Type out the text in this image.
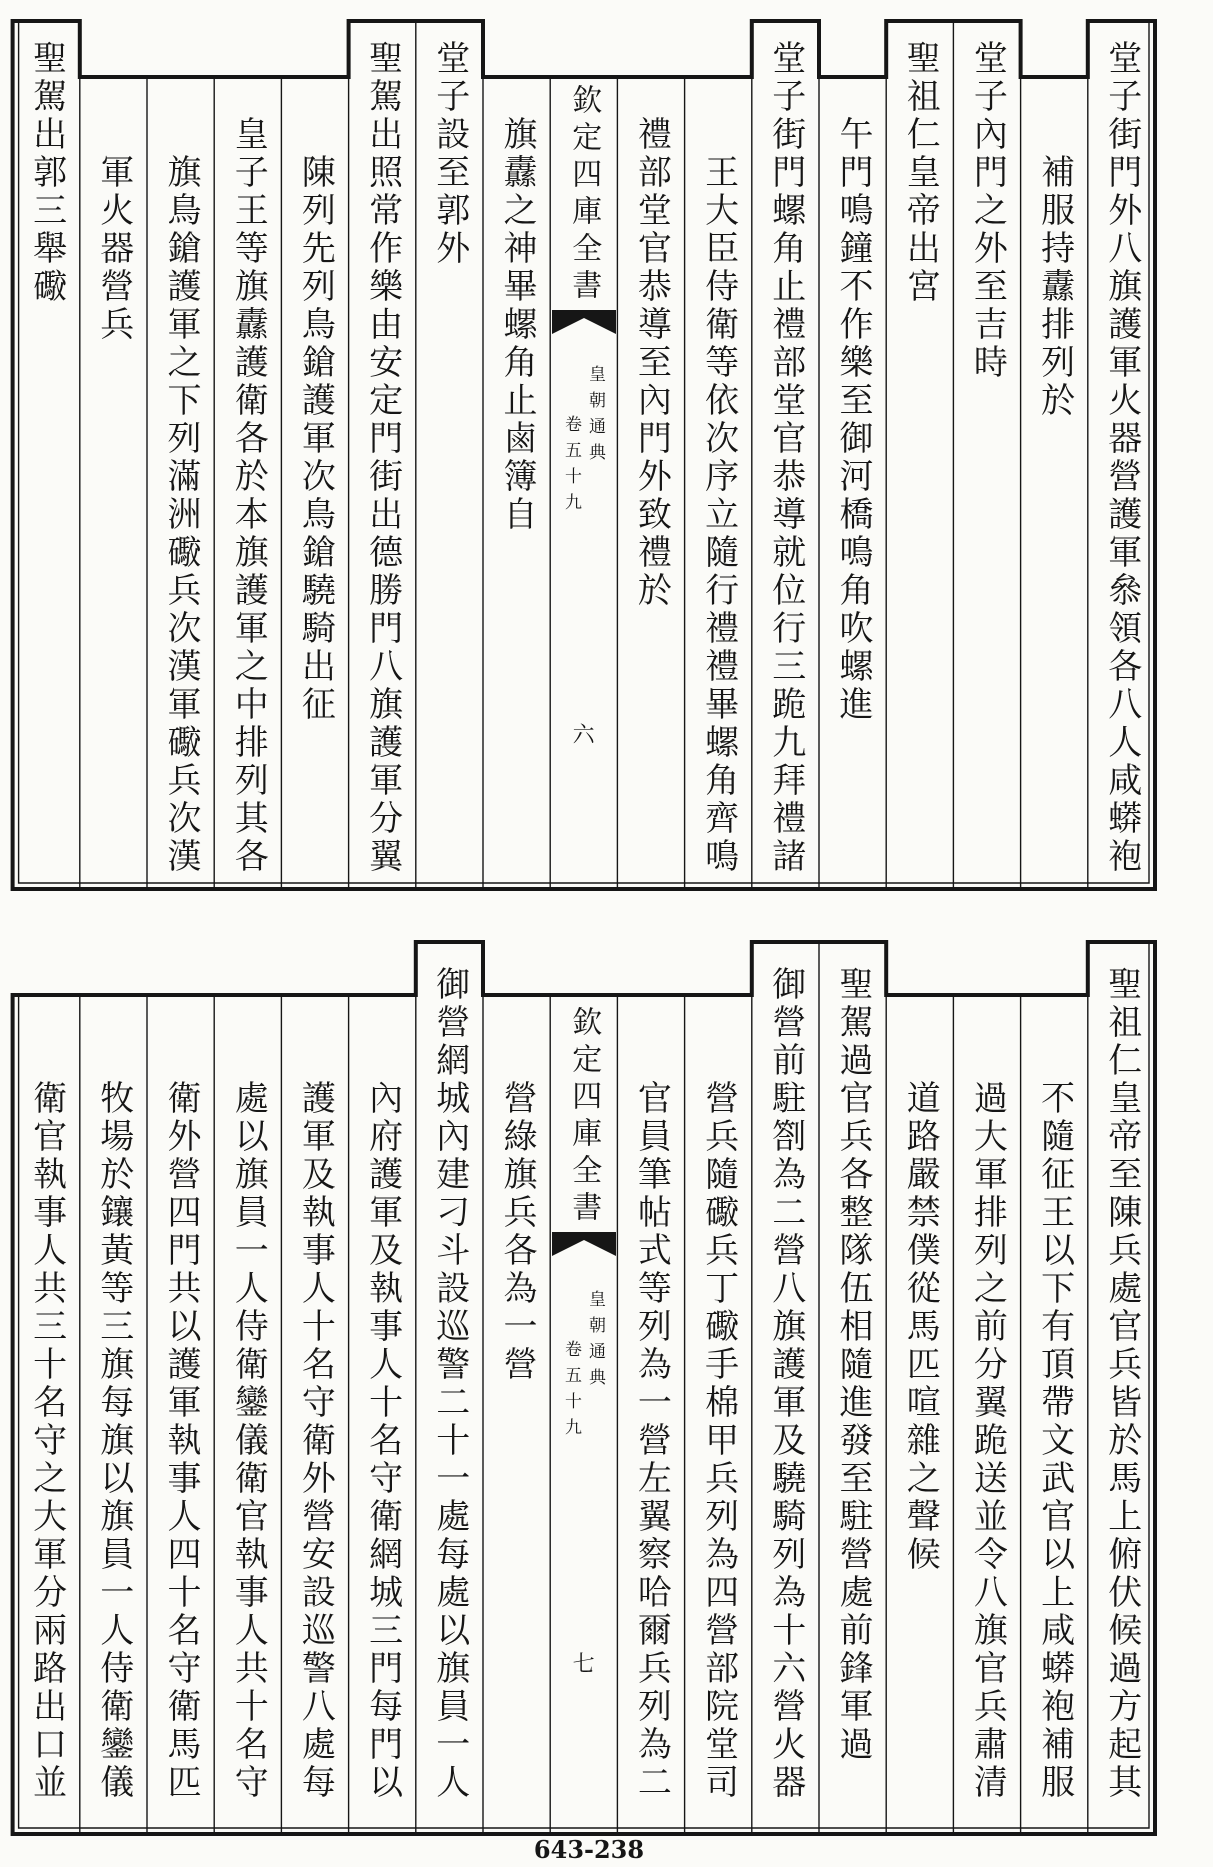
堂子街門外八旗護軍火器營護軍叅領各八人咸蟒袍
補服持纛排列於
堂子內門之外至吉時
聖祖仁皇帝出宮
午門鳴鐘不作樂至御河橋鳴角吹螺進
堂子街門螺角止禮部堂官恭導就位行三跪九拜禮諸
王大臣侍衛等依次序立隨行禮禮畢螺角齊鳴
禮部堂官恭導至內門外致禮於
欽定四庫全書
皇朝通典
卷五十九
六
旗纛之神畢螺角止鹵簿自
堂子設至郭外
聖駕出照常作樂由安定門街出德勝門八旗護軍分翼
陳列先列鳥鎗護軍次鳥鎗驍騎出征
皇子王等旗纛護衛各於本旗護軍之中排列其各
旗鳥鎗護軍之下列滿洲礮兵次漢軍礮兵次漢
軍火器營兵
聖駕出郭三舉礮
聖祖仁皇帝至陳兵處官兵皆於馬上俯伏候過方起其
不隨征王以下有頂帶文武官以上咸蟒袍補服
過大軍排列之前分翼跪送並令八旗官兵肅清
道路嚴禁僕從馬匹喧雜之聲候
聖駕過官兵各整隊伍相隨進發至駐營處前鋒軍過
御營前駐劄為二營八旗護軍及驍騎列為十六營火器
營兵隨礮兵丁礮手棉甲兵列為四營部院堂司
官員筆帖式等列為一營左翼察哈爾兵列為二
欽定四庫全書
皇朝通典
卷五十九
七
營綠旗兵各為一營
御營網城內建刁斗設巡警二十一處每處以旗員一人
內府護軍及執事人十名守衛網城三門每門以
護軍及執事人十名守衛外營安設巡警八處每
處以旗員一人侍衛鑾儀衛官執事人共十名守
衛外營四門共以護軍執事人四十名守衛馬匹
牧場於鑲黃等三旗每旗以旗員一人侍衛鑾儀
衛官執事人共三十名守之大軍分兩路出口並
643-238
